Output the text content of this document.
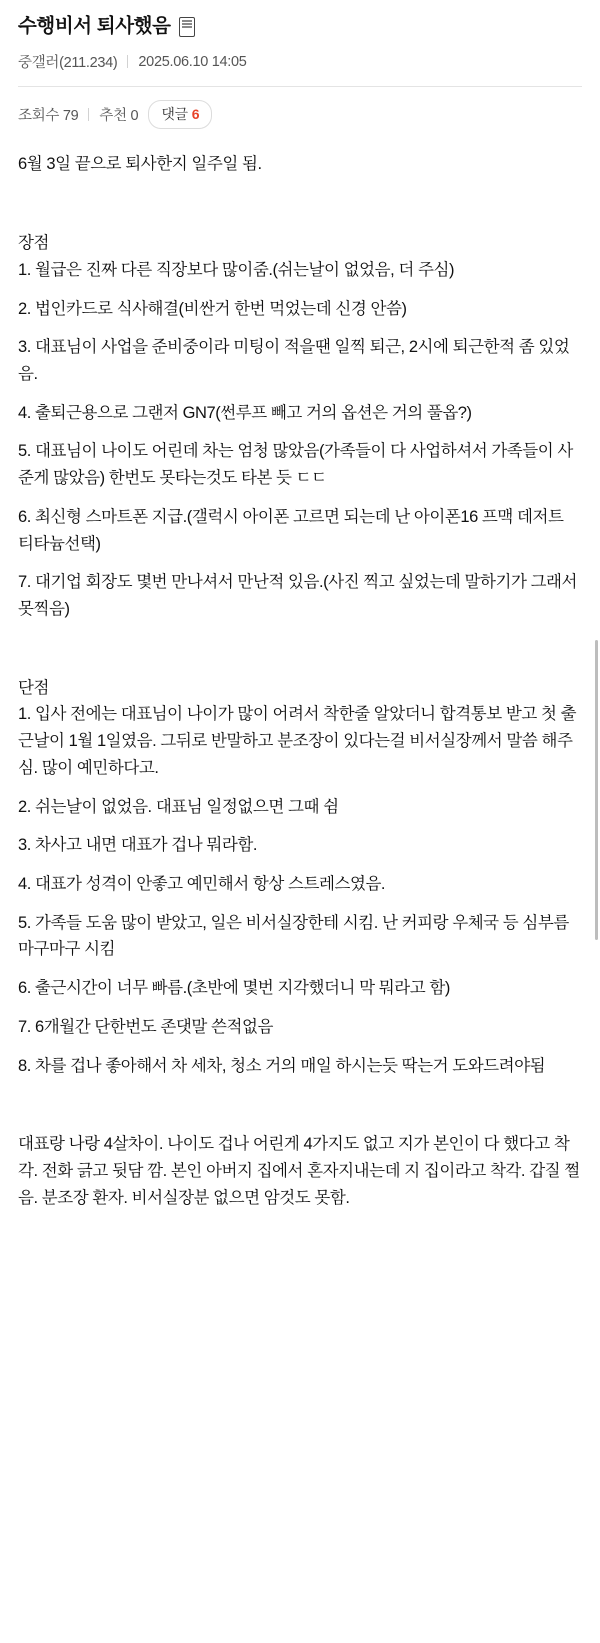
수행비서 퇴사했음
중갤러(211.234) 2025.06.10 14:05
조회수 79 추천 0 댓글 6

6월 3일 끝으로 퇴사한지 일주일 됨.

장점

1. 월급은 진짜 다른 직장보다 많이줌.(쉬는날이 없었음, 더 주심)
2. 법인카드로 식사해결(비싼거 한번 먹었는데 신경 안씀)
3. 대표님이 사업을 준비중이라 미팅이 적을땐 일찍 퇴근, 2시에 퇴근한적 좀 있었음.
4. 출퇴근용으로 그랜저 GN7(썬루프 빼고 거의 옵션은 거의 풀옵?)
5. 대표님이 나이도 어린데 차는 엄청 많았음(가족들이 다 사업하셔서 가족들이 사준게 많았음) 한번도 못타는것도 타본 듯 ㄷㄷ
6. 최신형 스마트폰 지급.(갤럭시 아이폰 고르면 되는데 난 아이폰16 프맥 데저트 티타늄선택)
7. 대기업 회장도 몇번 만나셔서 만난적 있음.(사진 찍고 싶었는데 말하기가 그래서 못찍음)

단점

1. 입사 전에는 대표님이 나이가 많이 어려서 착한줄 알았더니 합격통보 받고 첫 출근날이 1월 1일였음. 그뒤로 반말하고 분조장이 있다는걸 비서실장께서 말씀 해주심. 많이 예민하다고.
2. 쉬는날이 없었음. 대표님 일정없으면 그때 쉼
3. 차사고 내면 대표가 겁나 뭐라함.
4. 대표가 성격이 안좋고 예민해서 항상 스트레스였음.
5. 가족들 도움 많이 받았고, 일은 비서실장한테 시킴. 난 커피랑 우체국 등 심부름 마구마구 시킴
6. 출근시간이 너무 빠름.(초반에 몇번 지각했더니 막 뭐라고 함)
7. 6개월간 단한번도 존댓말 쓴적없음
8. 차를 겁나 좋아해서 차 세차, 청소 거의 매일 하시는듯 딱는거 도와드려야됨

대표랑 나랑 4살차이. 나이도 겁나 어린게 4가지도 없고 지가 본인이 다 했다고 착각. 전화 긁고 뒷담 깜. 본인 아버지 집에서 혼자지내는데 지 집이라고 착각. 갑질 쩔음. 분조장 환자. 비서실장분 없으면 암것도 못함.
